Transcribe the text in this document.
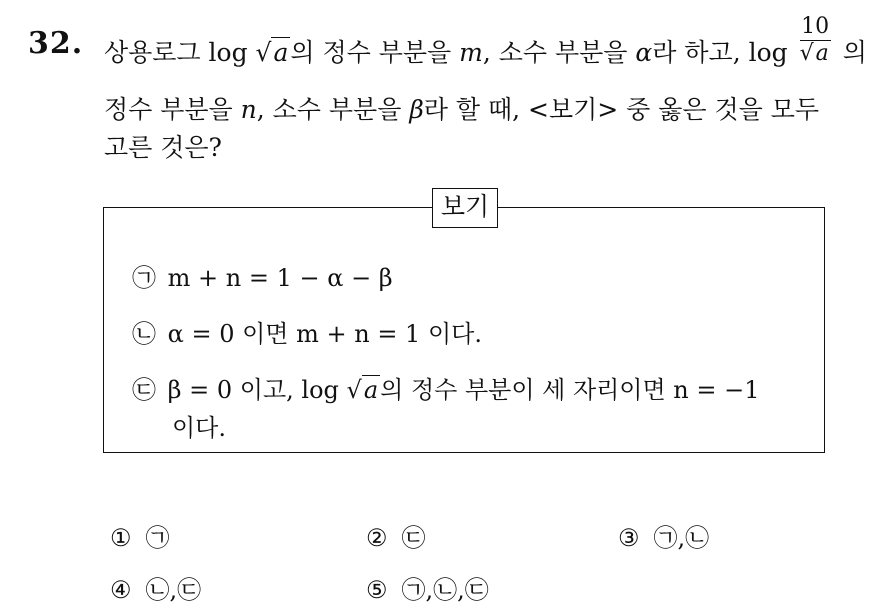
32. 상용로그 log √a의 정수 부분을 m, 소수 부분을 α라 하고, $\log \frac{10}{√a}$ 의
정수 부분을 n, 소수 부분을 β라 할 때, <보기> 중 옳은 것을 모두
고른 것은?
보기
㉠ m + n = 1 − α − β
㉡ α = 0 이면 m + n = 1 이다.
㉢ β = 0 이고, log √a의 정수 부분이 세 자리이면 n = −1
이다.
① ㉠	② ㉢	③ ㉠,㉡
④ ㉡,㉢	⑤ ㉠,㉡,㉢
